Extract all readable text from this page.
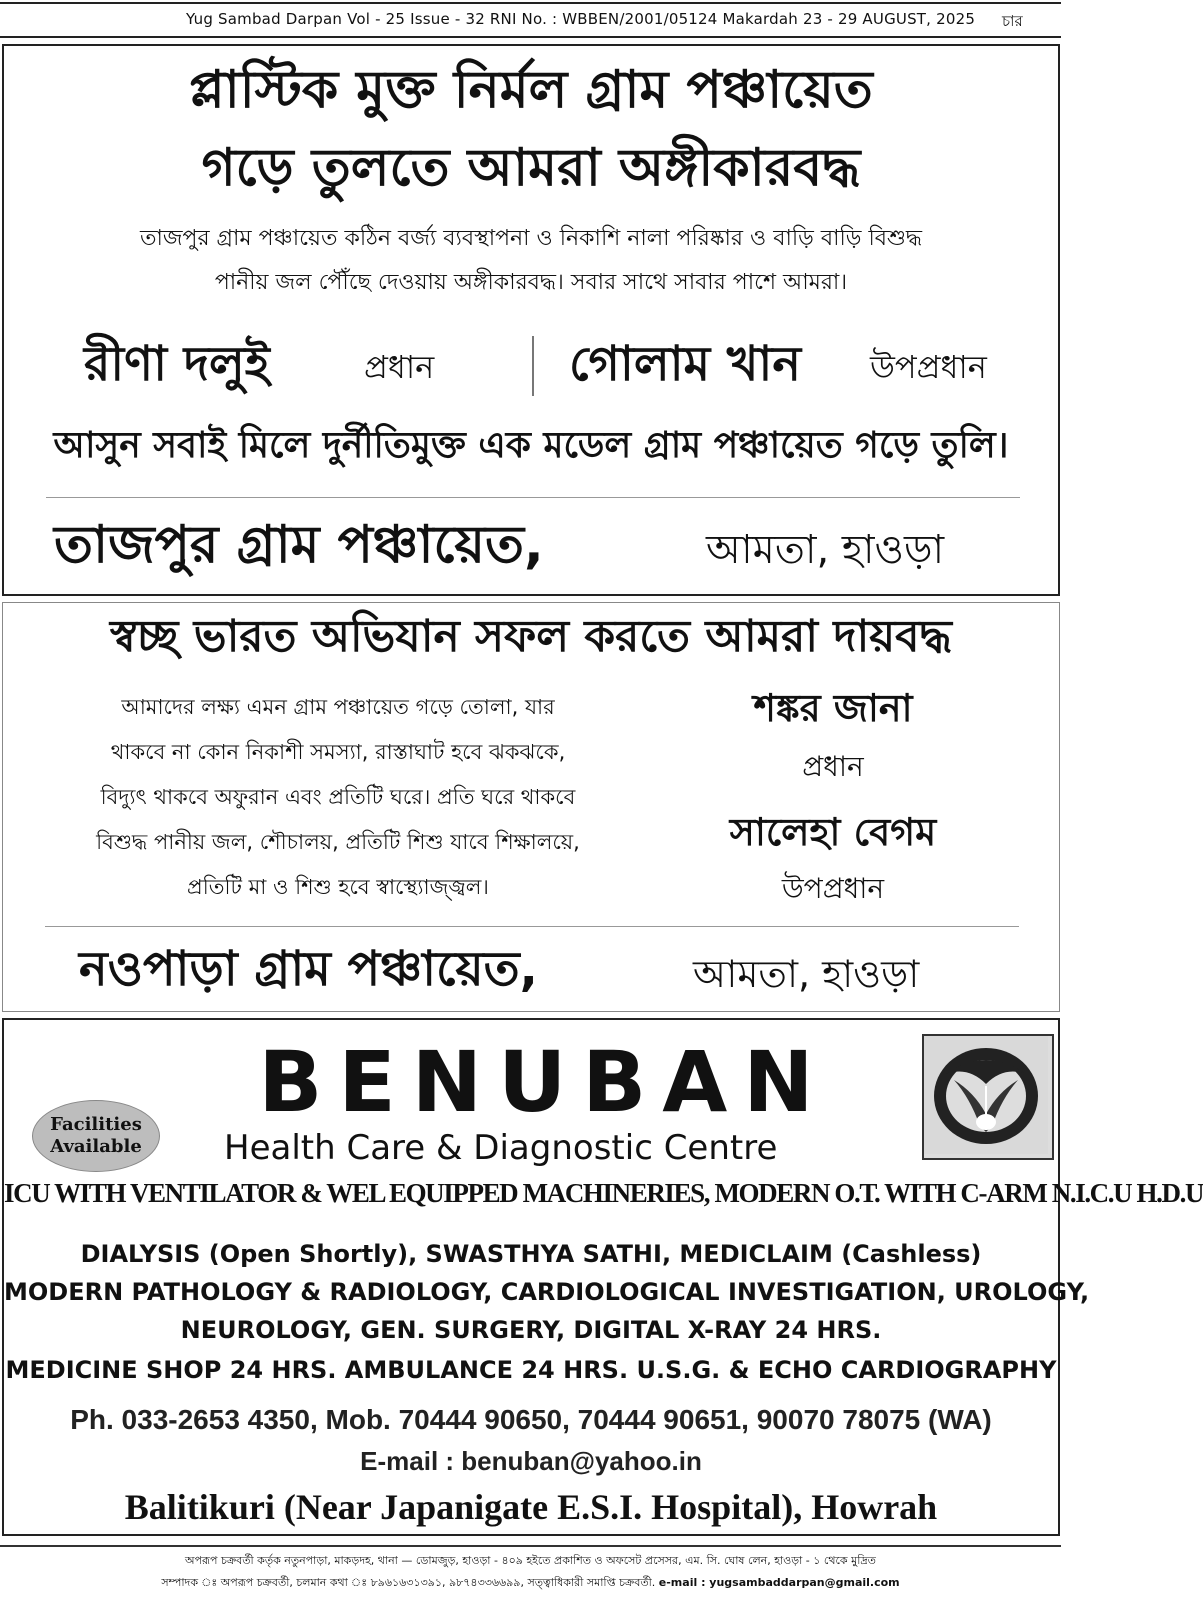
Yug Sambad Darpan Vol - 25 Issue - 32 RNI No. : WBBEN/2001/05124 Makardah 23 - 29 AUGUST, 2025 চার
প্লাস্টিক মুক্ত নির্মল গ্রাম পঞ্চায়েত
গড়ে তুলতে আমরা অঙ্গীকারবদ্ধ
তাজপুর গ্রাম পঞ্চায়েত কঠিন বর্জ্য ব্যবস্থাপনা ও নিকাশি নালা পরিষ্কার ও বাড়ি বাড়ি বিশুদ্ধ
পানীয় জল পৌঁছে দেওয়ায় অঙ্গীকারবদ্ধ। সবার সাথে সাবার পাশে আমরা।
রীণা দলুই	প্রধান	গোলাম খান উপপ্রধান
আসুন সবাই মিলে দুর্নীতিমুক্ত এক মডেল গ্রাম পঞ্চায়েত গড়ে তুলি।
তাজপুর গ্রাম পঞ্চায়েত,	আমতা, হাওড়া
স্বচ্ছ ভারত অভিযান সফল করতে আমরা দায়বদ্ধ
আমাদের লক্ষ্য এমন গ্রাম পঞ্চায়েত গড়ে তোলা, যার
থাকবে না কোন নিকাশী সমস্যা, রাস্তাঘাট হবে ঝকঝকে,
বিদ্যুৎ থাকবে অফুরান এবং প্রতিটি ঘরে। প্রতি ঘরে থাকবে
বিশুদ্ধ পানীয় জল, শৌচালয়, প্রতিটি শিশু যাবে শিক্ষালয়ে,
প্রতিটি মা ও শিশু হবে স্বাস্থ্যোজ্জ্বল।
শঙ্কর জানা
প্রধান
সালেহা বেগম
উপপ্রধান
নওপাড়া গ্রাম পঞ্চায়েত,	আমতা, হাওড়া
BENUBAN
Facilities
Available	Health Care & Diagnostic Centre
ICU WITH VENTILATOR & WEL EQUIPPED MACHINERIES, MODERN O.T. WITH C-ARM N.I.C.U H.D.U
DIALYSIS (Open Shortly), SWASTHYA SATHI, MEDICLAIM (Cashless)
MODERN PATHOLOGY & RADIOLOGY, CARDIOLOGICAL INVESTIGATION, UROLOGY,
NEUROLOGY, GEN. SURGERY, DIGITAL X-RAY 24 HRS.
MEDICINE SHOP 24 HRS. AMBULANCE 24 HRS. U.S.G. & ECHO CARDIOGRAPHY
Ph. 033-2653 4350, Mob. 70444 90650, 70444 90651, 90070 78075 (WA)
E-mail : benuban@yahoo.in
Balitikuri (Near Japanigate E.S.I. Hospital), Howrah
অপরূপ চক্রবর্তী কর্তৃক নতুনপাড়া, মাকড়দহ, থানা — ডোমজুড়, হাওড়া - ৪০৯ হইতে প্রকাশিত ও অফসেট প্রসেসর, এম. সি. ঘোষ লেন, হাওড়া - ১ থেকে মুদ্রিত
সম্পাদক ঃ অপরূপ চক্রবর্তী, চলমান কথা ঃ ৮৯৬১৬৩১৩৯১, ৯৮৭৪৩৩৬৬৯৯, সত্ত্বাধিকারী সমাপ্তি চক্রবর্তী. e-mail : yugsambaddarpan@gmail.com
